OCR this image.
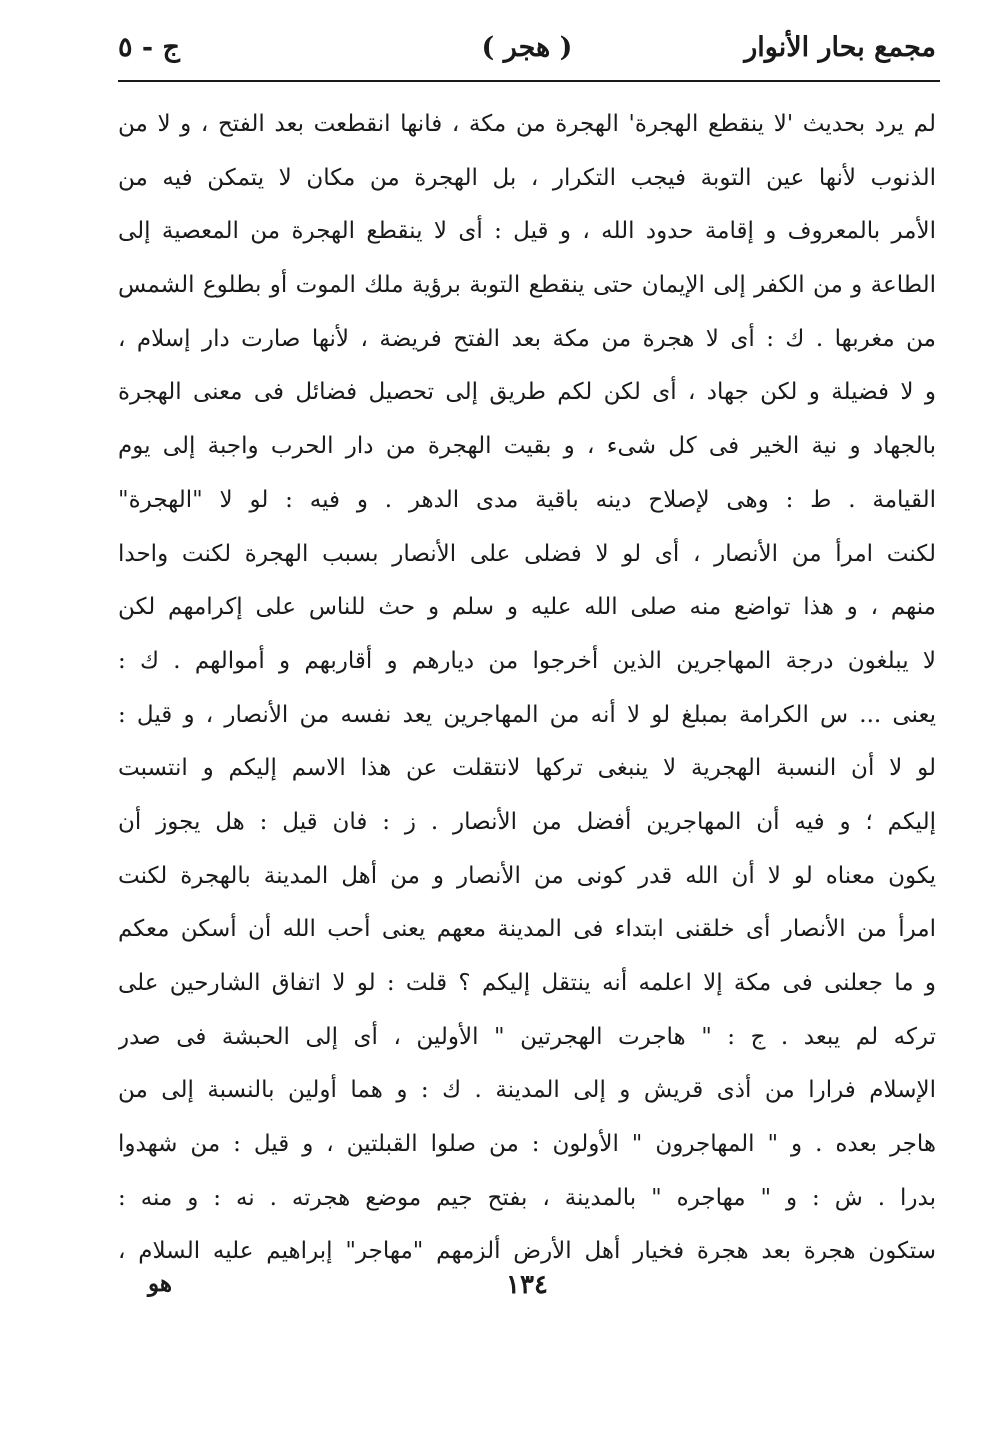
مجمع بحار الأنوار
( هجر )
ج - ٥
لم يرد بحديث 'لا ينقطع الهجرة' الهجرة من مكة ، فانها انقطعت بعد الفتح ، و لا من
الذنوب لأنها عين التوبة فيجب التكرار ، بل الهجرة من مكان لا يتمكن فيه من
الأمر بالمعروف و إقامة حدود الله ، و قيل : أى لا ينقطع الهجرة من المعصية إلى
الطاعة و من الكفر إلى الإيمان حتى ينقطع التوبة برؤية ملك الموت أو بطلوع الشمس
من مغربها . ك : أى لا هجرة من مكة بعد الفتح فريضة ، لأنها صارت دار إسلام ،
و لا فضيلة و لكن جهاد ، أى لكن لكم طريق إلى تحصيل فضائل فى معنى الهجرة
بالجهاد و نية الخير فى كل شىء ، و بقيت الهجرة من دار الحرب واجبة إلى يوم
القيامة . ط : وهى لإصلاح دينه باقية مدى الدهر . و فيه : لو لا "الهجرة"
لكنت امرأ من الأنصار ، أى لو لا فضلى على الأنصار بسبب الهجرة لكنت واحدا
منهم ، و هذا تواضع منه صلى الله عليه و سلم و حث للناس على إكرامهم لكن
لا يبلغون درجة المهاجرين الذين أخرجوا من ديارهم و أقاربهم و أموالهم . ك :
يعنى ... س الكرامة بمبلغ لو لا أنه من المهاجرين يعد نفسه من الأنصار ، و قيل :
لو لا أن النسبة الهجرية لا ينبغى تركها لانتقلت عن هذا الاسم إليكم و انتسبت
إليكم ؛ و فيه أن المهاجرين أفضل من الأنصار . ز : فان قيل : هل يجوز أن
يكون معناه لو لا أن الله قدر كونى من الأنصار و من أهل المدينة بالهجرة لكنت
امرأ من الأنصار أى خلقنى ابتداء فى المدينة معهم يعنى أحب الله أن أسكن معكم
و ما جعلنى فى مكة إلا اعلمه أنه ينتقل إليكم ؟ قلت : لو لا اتفاق الشارحين على
تركه لم يبعد . ج : " هاجرت الهجرتين " الأولين ، أى إلى الحبشة فى صدر
الإسلام فرارا من أذى قريش و إلى المدينة . ك : و هما أولين بالنسبة إلى من
هاجر بعده . و " المهاجرون " الأولون : من صلوا القبلتين ، و قيل : من شهدوا
بدرا . ش : و " مهاجره " بالمدينة ، بفتح جيم موضع هجرته . نه : و منه :
ستكون هجرة بعد هجرة فخيار أهل الأرض ألزمهم "مهاجر" إبراهيم عليه السلام ،
١٣٤
هو
